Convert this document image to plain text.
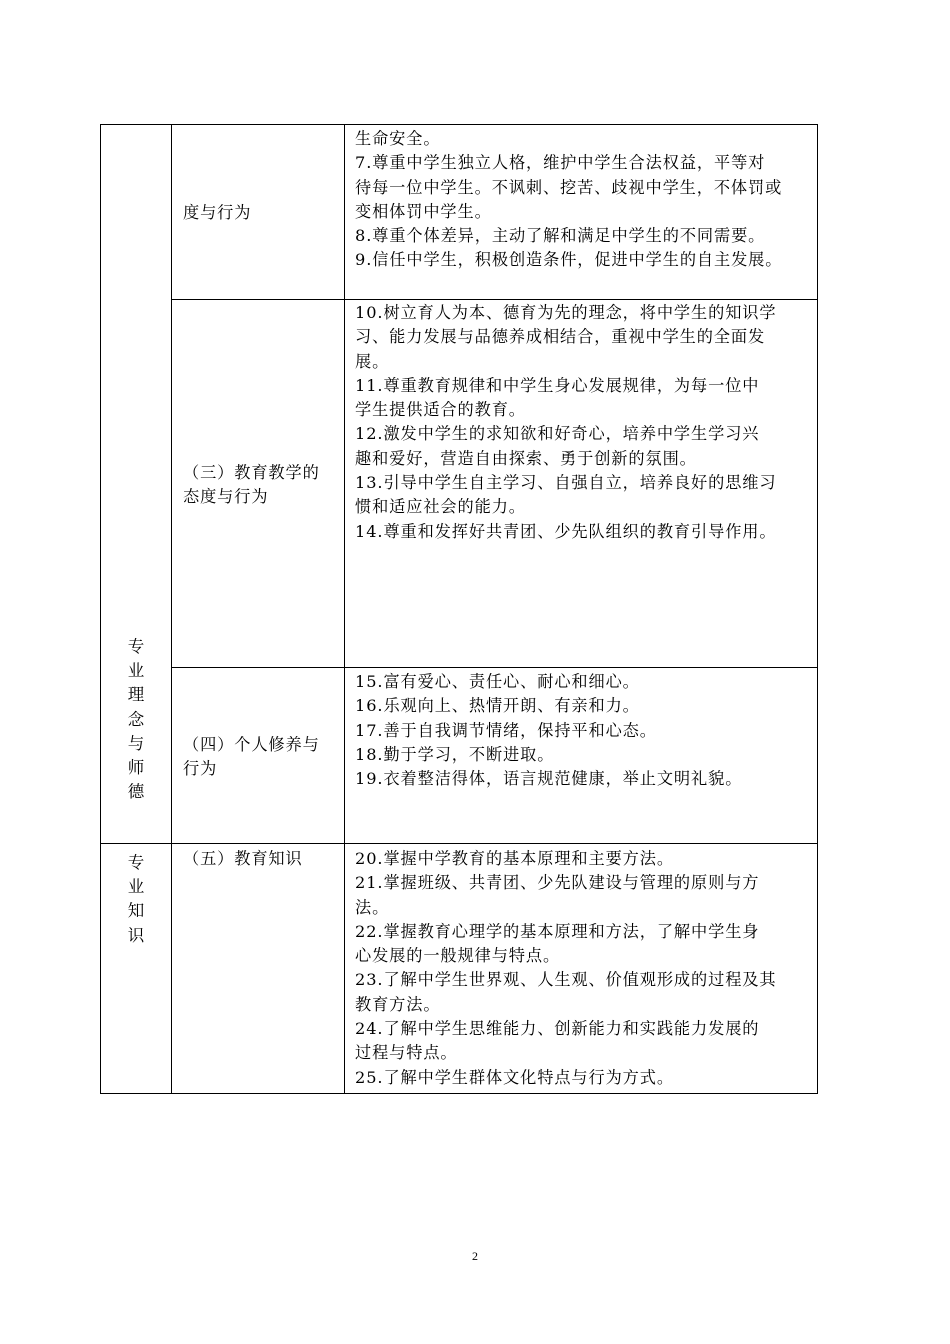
专
业
理
念
与
师
德
专
业
知
识
度与行为
生命安全。
7.尊重中学生独立人格，维护中学生合法权益，平等对
待每一位中学生。不讽刺、挖苦、歧视中学生，不体罚或
变相体罚中学生。
8.尊重个体差异，主动了解和满足中学生的不同需要。
9.信任中学生，积极创造条件，促进中学生的自主发展。
（三）教育教学的
态度与行为
10.树立育人为本、德育为先的理念，将中学生的知识学
习、能力发展与品德养成相结合，重视中学生的全面发
展。
11.尊重教育规律和中学生身心发展规律，为每一位中
学生提供适合的教育。
12.激发中学生的求知欲和好奇心，培养中学生学习兴
趣和爱好，营造自由探索、勇于创新的氛围。
13.引导中学生自主学习、自强自立，培养良好的思维习
惯和适应社会的能力。
14.尊重和发挥好共青团、少先队组织的教育引导作用。
（四）个人修养与
行为
15.富有爱心、责任心、耐心和细心。
16.乐观向上、热情开朗、有亲和力。
17.善于自我调节情绪，保持平和心态。
18.勤于学习，不断进取。
19.衣着整洁得体，语言规范健康，举止文明礼貌。
（五）教育知识	20.掌握中学教育的基本原理和主要方法。
21.掌握班级、共青团、少先队建设与管理的原则与方
法。
22.掌握教育心理学的基本原理和方法，了解中学生身
心发展的一般规律与特点。
23.了解中学生世界观、人生观、价值观形成的过程及其
教育方法。
24.了解中学生思维能力、创新能力和实践能力发展的
过程与特点。
25.了解中学生群体文化特点与行为方式。
2
